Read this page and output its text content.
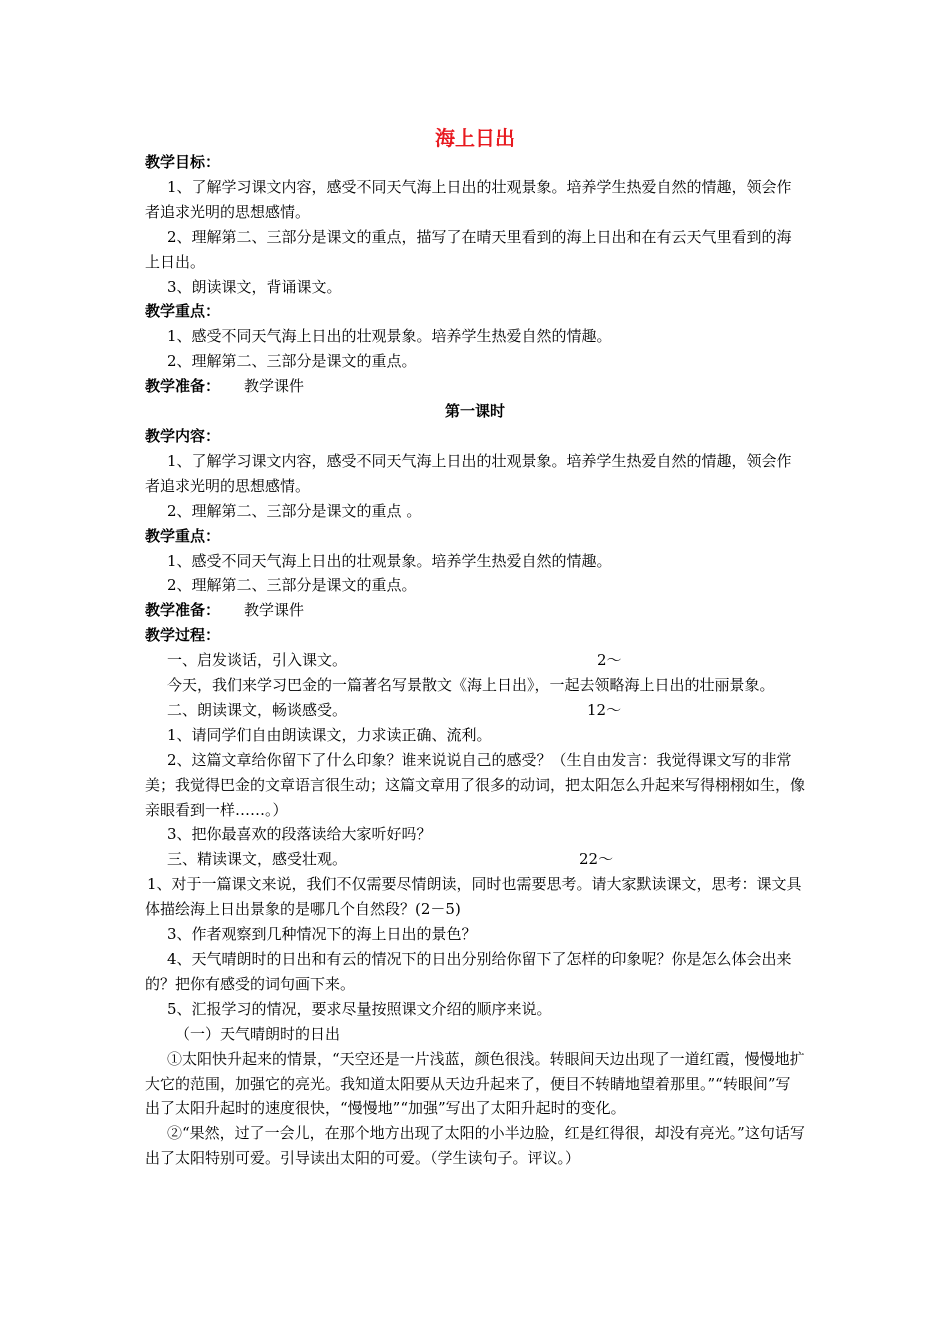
海上日出

教学目标：

1、了解学习课文内容，感受不同天气海上日出的壮观景象。培养学生热爱自然的情趣，领会作者追求光明的思想感情。

2、理解第二、三部分是课文的重点，描写了在晴天里看到的海上日出和在有云天气里看到的海上日出。

3、朗读课文，背诵课文。

教学重点：

1、感受不同天气海上日出的壮观景象。培养学生热爱自然的情趣。

2、理解第二、三部分是课文的重点。

教学准备： 教学课件

第一课时

教学内容：

1、了解学习课文内容，感受不同天气海上日出的壮观景象。培养学生热爱自然的情趣，领会作者追求光明的思想感情。

2、理解第二、三部分是课文的重点 。

教学重点：

1、感受不同天气海上日出的壮观景象。培养学生热爱自然的情趣。

2、理解第二、三部分是课文的重点。

教学准备： 教学课件

教学过程：

一、启发谈话，引入课文。	2～

今天，我们来学习巴金的一篇著名写景散文《海上日出》，一起去领略海上日出的壮丽景象。

二、朗读课文，畅谈感受。	12～

1、请同学们自由朗读课文，力求读正确、流利。

2、这篇文章给你留下了什么印象？谁来说说自己的感受？（生自由发言：我觉得课文写的非常美；我觉得巴金的文章语言很生动；这篇文章用了很多的动词，把太阳怎么升起来写得栩栩如生，像亲眼看到一样……。）

3、把你最喜欢的段落读给大家听好吗？

三、精读课文，感受壮观。	22～

1、对于一篇课文来说，我们不仅需要尽情朗读，同时也需要思考。请大家默读课文，思考：课文具体描绘海上日出景象的是哪几个自然段？(2－5)

3、作者观察到几种情况下的海上日出的景色？

4、天气晴朗时的日出和有云的情况下的日出分别给你留下了怎样的印象呢？你是怎么体会出来的？把你有感受的词句画下来。

5、汇报学习的情况，要求尽量按照课文介绍的顺序来说。

（一）天气晴朗时的日出

①太阳快升起来的情景，“天空还是一片浅蓝，颜色很浅。转眼间天边出现了一道红霞，慢慢地扩大它的范围，加强它的亮光。我知道太阳要从天边升起来了，便目不转睛地望着那里。”“转眼间”写出了太阳升起时的速度很快，“慢慢地”“加强”写出了太阳升起时的变化。

②“果然，过了一会儿，在那个地方出现了太阳的小半边脸，红是红得很，却没有亮光。”这句话写出了太阳特别可爱。引导读出太阳的可爱。（学生读句子。评议。）
